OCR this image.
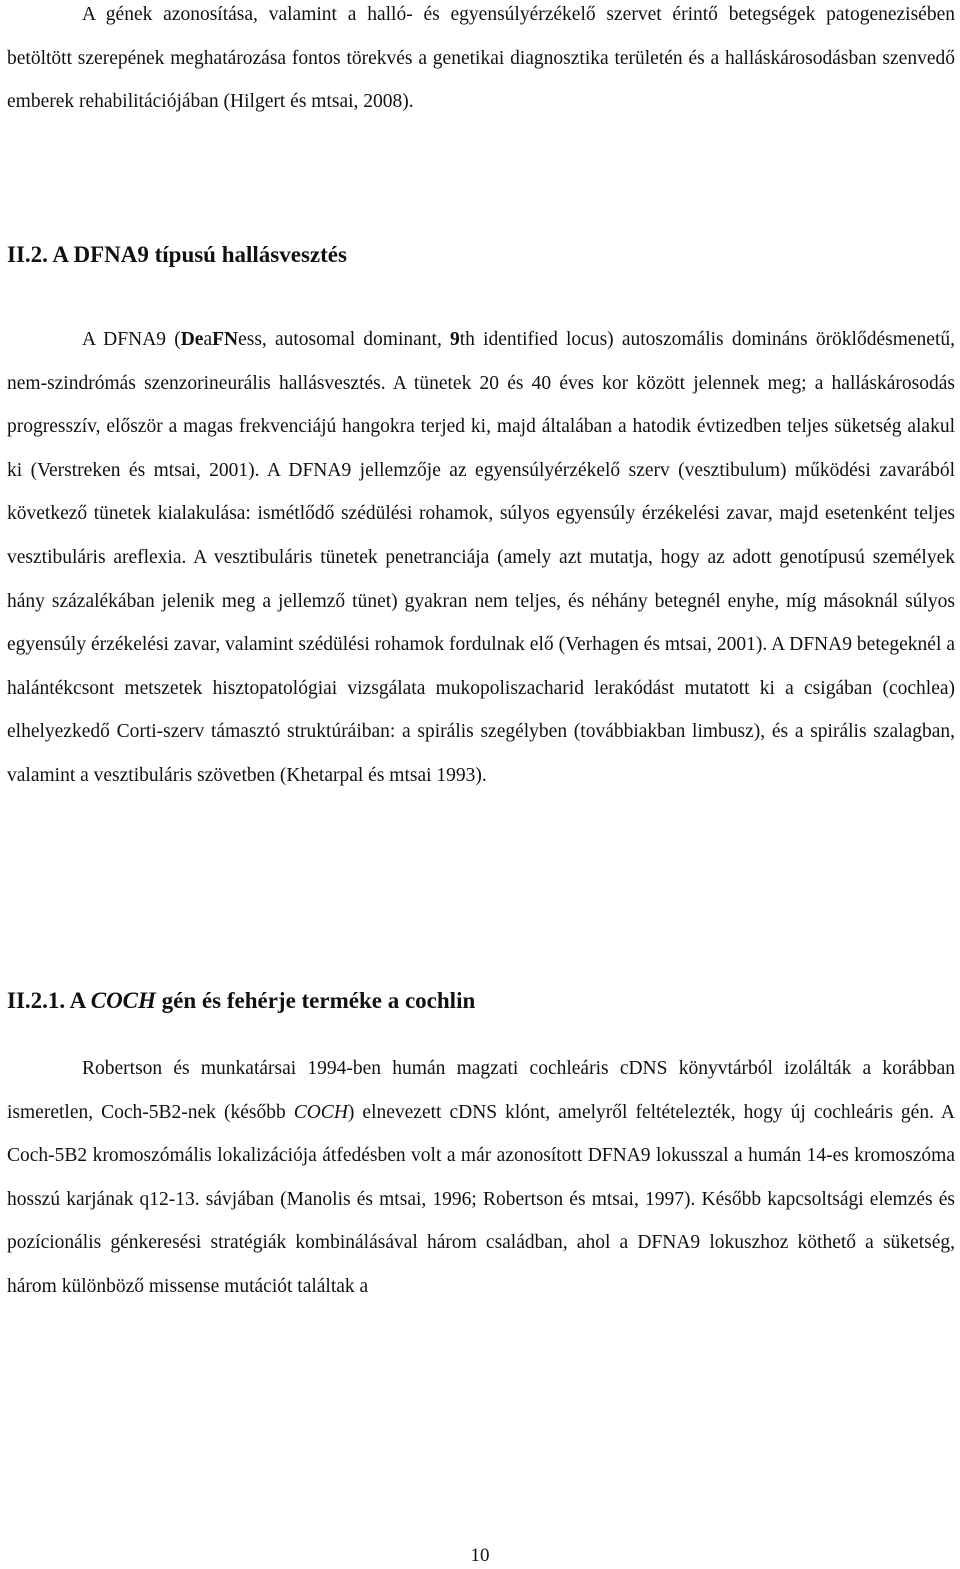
A gének azonosítása, valamint a halló- és egyensúlyérzékelő szervet érintő betegségek patogenezisében betöltött szerepének meghatározása fontos törekvés a genetikai diagnosztika területén és a halláskárosodásban szenvedő emberek rehabilitációjában (Hilgert és mtsai, 2008).

II.2. A DFNA9 típusú hallásvesztés

A DFNA9 (DeaFNess, autosomal dominant, 9th identified locus) autoszomális domináns öröklődésmenetű, nem-szindrómás szenzorineurális hallásvesztés. A tünetek 20 és 40 éves kor között jelennek meg; a halláskárosodás progresszív, először a magas frekvenciájú hangokra terjed ki, majd általában a hatodik évtizedben teljes süketség alakul ki (Verstreken és mtsai, 2001). A DFNA9 jellemzője az egyensúlyérzékelő szerv (vesztibulum) működési zavarából következő tünetek kialakulása: ismétlődő szédülési rohamok, súlyos egyensúly érzékelési zavar, majd esetenként teljes vesztibuláris areflexia. A vesztibuláris tünetek penetranciája (amely azt mutatja, hogy az adott genotípusú személyek hány százalékában jelenik meg a jellemző tünet) gyakran nem teljes, és néhány betegnél enyhe, míg másoknál súlyos egyensúly érzékelési zavar, valamint szédülési rohamok fordulnak elő (Verhagen és mtsai, 2001). A DFNA9 betegeknél a halántékcsont metszetek hisztopatológiai vizsgálata mukopoliszacharid lerakódást mutatott ki a csigában (cochlea) elhelyezkedő Corti-szerv támasztó struktúráiban: a spirális szegélyben (továbbiakban limbusz), és a spirális szalagban, valamint a vesztibuláris szövetben (Khetarpal és mtsai 1993).

II.2.1. A COCH gén és fehérje terméke a cochlin

Robertson és munkatársai 1994-ben humán magzati cochleáris cDNS könyvtárból izolálták a korábban ismeretlen, Coch-5B2-nek (később COCH) elnevezett cDNS klónt, amelyről feltételezték, hogy új cochleáris gén. A Coch-5B2 kromoszómális lokalizációja átfedésben volt a már azonosított DFNA9 lokusszal a humán 14-es kromoszóma hosszú karjának q12-13. sávjában (Manolis és mtsai, 1996; Robertson és mtsai, 1997). Később kapcsoltsági elemzés és pozícionális génkeresési stratégiák kombinálásával három családban, ahol a DFNA9 lokuszhoz köthető a süketség, három különböző missense mutációt találtak a

10
